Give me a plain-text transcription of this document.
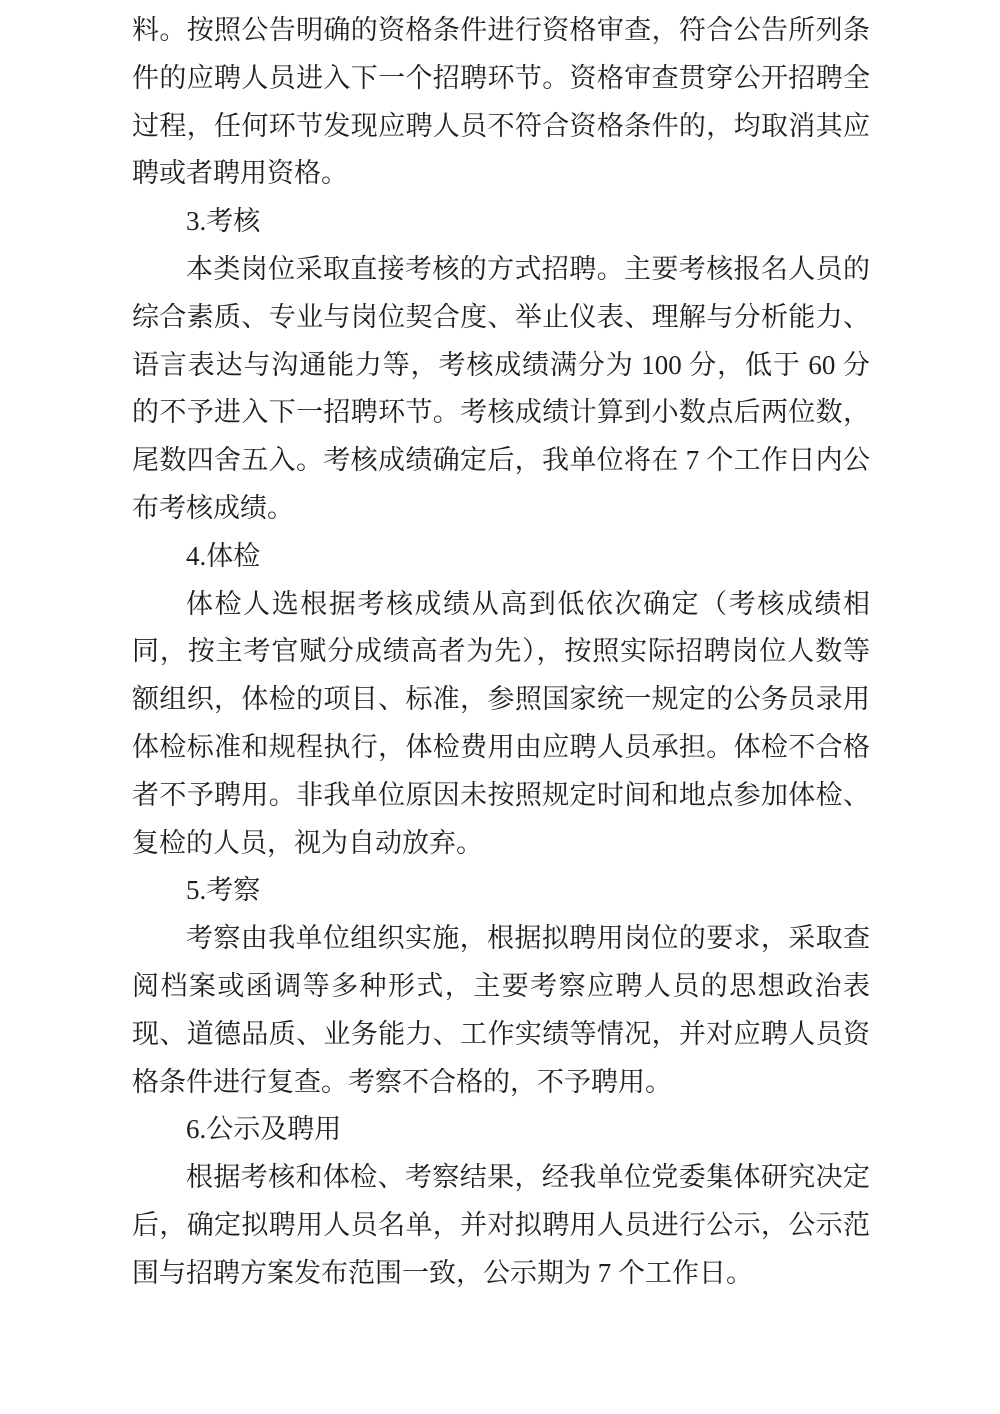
料。按照公告明确的资格条件进行资格审查，符合公告所列条件的应聘人员进入下一个招聘环节。资格审查贯穿公开招聘全过程，任何环节发现应聘人员不符合资格条件的，均取消其应聘或者聘用资格。

3.考核

本类岗位采取直接考核的方式招聘。主要考核报名人员的综合素质、专业与岗位契合度、举止仪表、理解与分析能力、语言表达与沟通能力等，考核成绩满分为 100 分，低于 60 分的不予进入下一招聘环节。考核成绩计算到小数点后两位数，尾数四舍五入。考核成绩确定后，我单位将在 7 个工作日内公布考核成绩。

4.体检

体检人选根据考核成绩从高到低依次确定（考核成绩相同，按主考官赋分成绩高者为先），按照实际招聘岗位人数等额组织，体检的项目、标准，参照国家统一规定的公务员录用体检标准和规程执行，体检费用由应聘人员承担。体检不合格者不予聘用。非我单位原因未按照规定时间和地点参加体检、复检的人员，视为自动放弃。

5.考察

考察由我单位组织实施，根据拟聘用岗位的要求，采取查阅档案或函调等多种形式，主要考察应聘人员的思想政治表现、道德品质、业务能力、工作实绩等情况，并对应聘人员资格条件进行复查。考察不合格的，不予聘用。

6.公示及聘用

根据考核和体检、考察结果，经我单位党委集体研究决定后，确定拟聘用人员名单，并对拟聘用人员进行公示，公示范围与招聘方案发布范围一致，公示期为 7 个工作日。
